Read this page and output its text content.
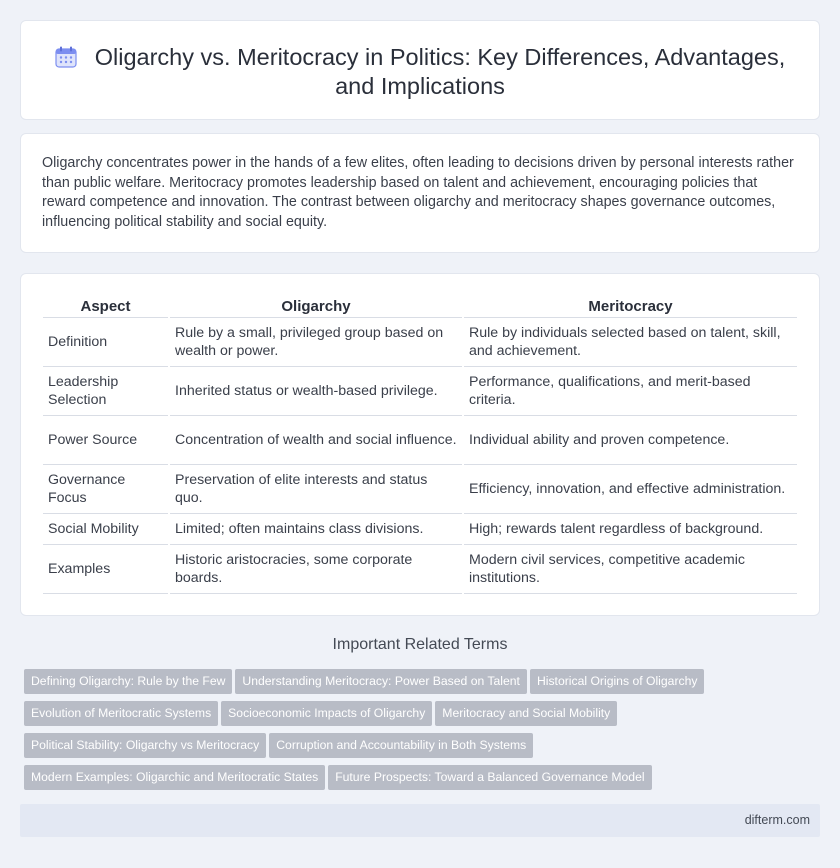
Oligarchy vs. Meritocracy in Politics: Key Differences, Advantages, and Implications

Oligarchy concentrates power in the hands of a few elites, often leading to decisions driven by personal interests rather than public welfare. Meritocracy promotes leadership based on talent and achievement, encouraging policies that reward competence and innovation. The contrast between oligarchy and meritocracy shapes governance outcomes, influencing political stability and social equity.

Aspect	Oligarchy	Meritocracy
Definition	Rule by a small, privileged group based on wealth or power.	Rule by individuals selected based on talent, skill, and achievement.
Leadership Selection	Inherited status or wealth-based privilege.	Performance, qualifications, and merit-based criteria.
Power Source	Concentration of wealth and social influence.	Individual ability and proven competence.
Governance Focus	Preservation of elite interests and status quo.	Efficiency, innovation, and effective administration.
Social Mobility	Limited; often maintains class divisions.	High; rewards talent regardless of background.
Examples	Historic aristocracies, some corporate boards.	Modern civil services, competitive academic institutions.
Important Related Terms
Defining Oligarchy: Rule by the Few Understanding Meritocracy: Power Based on Talent Historical Origins of Oligarchy
Evolution of Meritocratic Systems Socioeconomic Impacts of Oligarchy Meritocracy and Social Mobility
Political Stability: Oligarchy vs Meritocracy Corruption and Accountability in Both Systems
Modern Examples: Oligarchic and Meritocratic States Future Prospects: Toward a Balanced Governance Model
difterm.com
